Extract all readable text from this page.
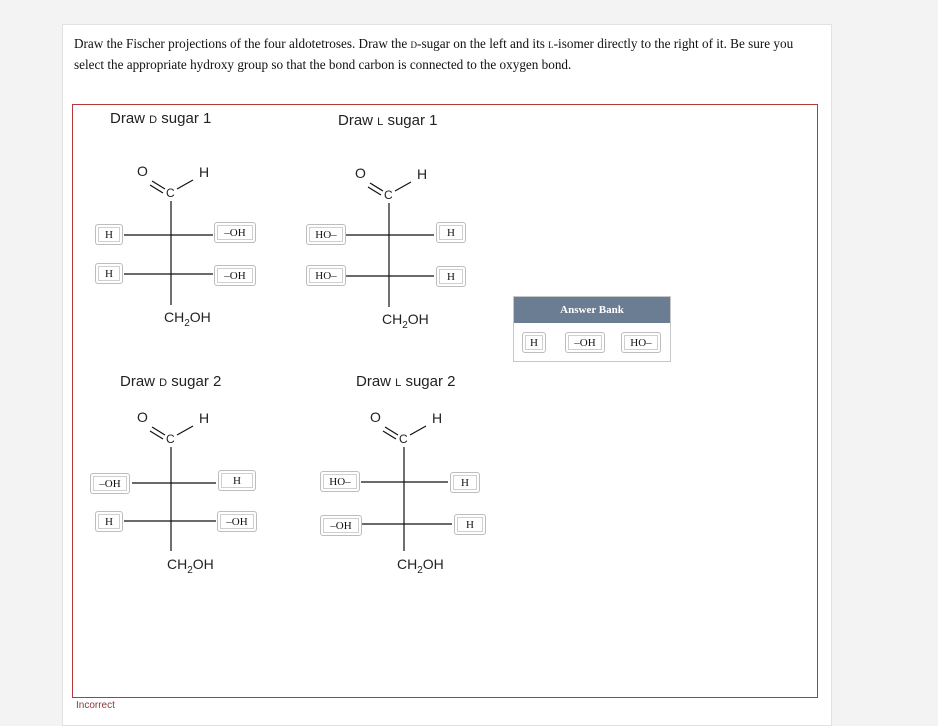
Draw the Fischer projections of the four aldotetroses. Draw the d-sugar on the left and its l-isomer directly to the right of it. Be sure you select the appropriate hydroxy group so that the bond carbon is connected to the oxygen bond.
Draw d sugar 1
O
C
H
H	–OH
H	–OH
$CH_2OH$
Draw l sugar 1
O
C
H
HO–	H
HO–	H
$CH_2OH$
Draw d sugar 2
O
C
H
–OH	H
H	–OH
$CH_2OH$
Draw l sugar 2
O
C
H
HO–	H
–OH	H
$CH_2OH$
Answer Bank
H	–OH	HO–
Incorrect
